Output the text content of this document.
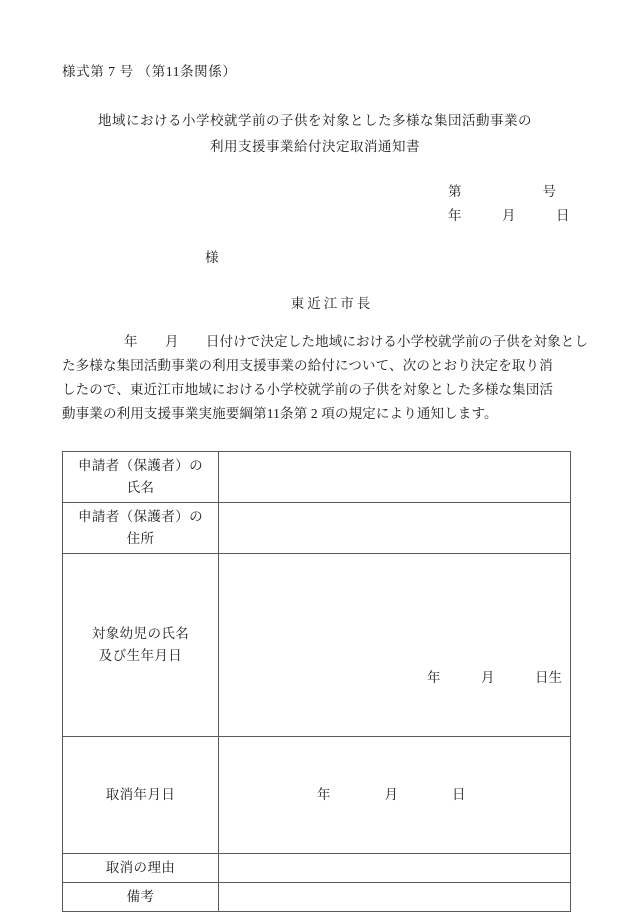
様式第 7 号 （第11条関係）
地域における小学校就学前の子供を対象とした多様な集団活動事業の
利用支援事業給付決定取消通知書
第　　　　　　号
年　　　月　　　日
様
東近江市長
年　　月　　日付けで決定した地域における小学校就学前の子供を対象とし
た多様な集団活動事業の利用支援事業の給付について、次のとおり決定を取り消
したので、東近江市地域における小学校就学前の子供を対象とした多様な集団活
動事業の利用支援事業実施要綱第11条第 2 項の規定により通知します。
申請者（保護者）の
氏名	

申請者（保護者）の
住所	

対象幼児の氏名
及び生年月日	年　　　月　　　日生

取消年月日	年　　　　月　　　　日

取消の理由	

備考	
